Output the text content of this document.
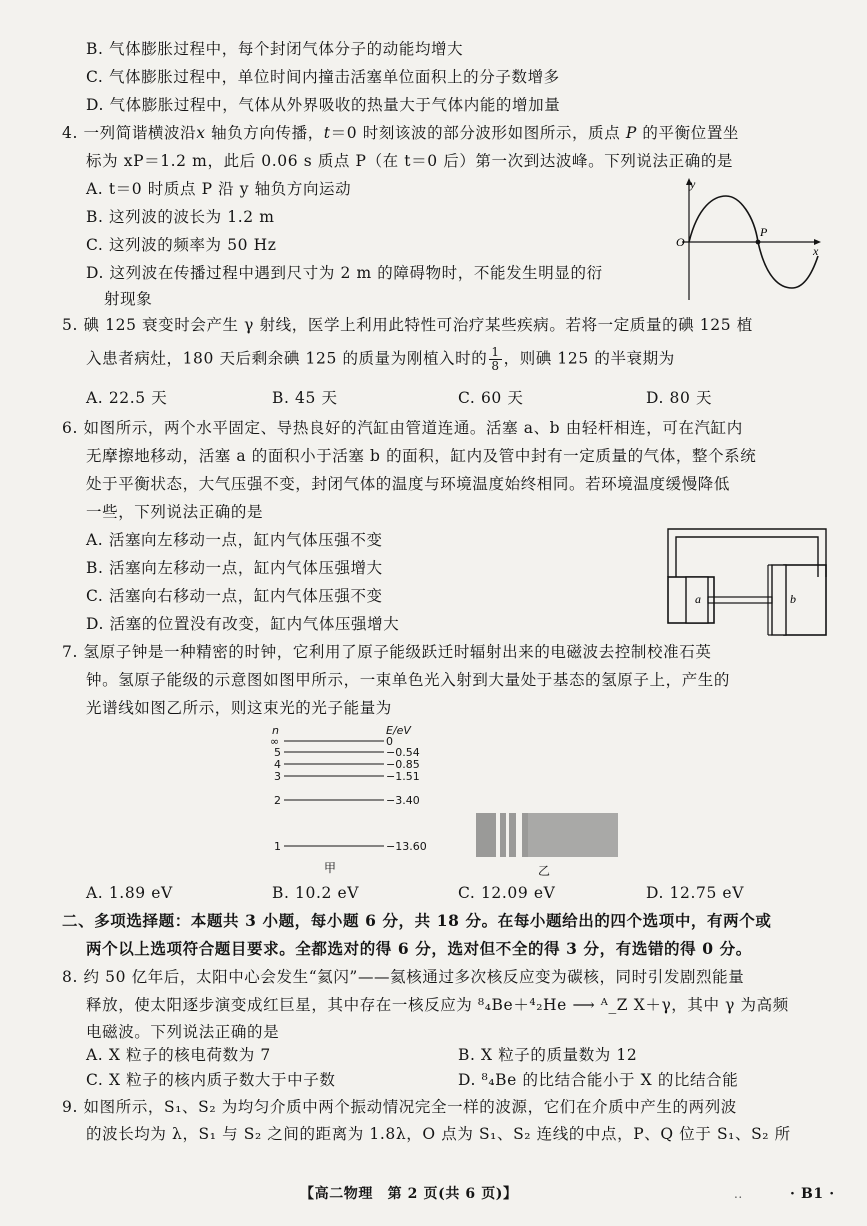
B. 气体膨胀过程中，每个封闭气体分子的动能均增大
C. 气体膨胀过程中，单位时间内撞击活塞单位面积上的分子数增多
D. 气体膨胀过程中，气体从外界吸收的热量大于气体内能的增加量
4. 一列简谐横波沿x 轴负方向传播，t＝0 时刻该波的部分波形如图所示，质点 P 的平衡位置坐
标为 xP＝1.2 m，此后 0.06 s 质点 P（在 t＝0 后）第一次到达波峰。下列说法正确的是
A. t＝0 时质点 P 沿 y 轴负方向运动
B. 这列波的波长为 1.2 m
C. 这列波的频率为 50 Hz
D. 这列波在传播过程中遇到尺寸为 2 m 的障碍物时，不能发生明显的衍
射现象
y
O
P
x
5. 碘 125 衰变时会产生 γ 射线，医学上利用此特性可治疗某些疾病。若将一定质量的碘 125 植
入患者病灶，180 天后剩余碘 125 的质量为刚植入时的 $\frac{1}{8}$ ，则碘 125 的半衰期为
A. 22.5 天	B. 45 天	C. 60 天	D. 80 天
6. 如图所示，两个水平固定、导热良好的汽缸由管道连通。活塞 a、b 由轻杆相连，可在汽缸内
无摩擦地移动，活塞 a 的面积小于活塞 b 的面积，缸内及管中封有一定质量的气体，整个系统
处于平衡状态，大气压强不变，封闭气体的温度与环境温度始终相同。若环境温度缓慢降低
一些，下列说法正确的是
A. 活塞向左移动一点，缸内气体压强不变
B. 活塞向左移动一点，缸内气体压强增大
C. 活塞向右移动一点，缸内气体压强不变
D. 活塞的位置没有改变，缸内气体压强增大
a	b
7. 氢原子钟是一种精密的时钟，它利用了原子能级跃迁时辐射出来的电磁波去控制校准石英
钟。氢原子能级的示意图如图甲所示，一束单色光入射到大量处于基态的氢原子上，产生的
光谱线如图乙所示，则这束光的光子能量为
n	E/eV
∞
5
4
3
2
1
0
−0.54
−0.85
−1.51
−3.40
−13.60
甲	乙
A. 1.89 eV	B. 10.2 eV	C. 12.09 eV	D. 12.75 eV
二、多项选择题：本题共 3 小题，每小题 6 分，共 18 分。在每小题给出的四个选项中，有两个或
两个以上选项符合题目要求。全都选对的得 6 分，选对但不全的得 3 分，有选错的得 0 分。
8. 约 50 亿年后，太阳中心会发生“氦闪”——氦核通过多次核反应变为碳核，同时引发剧烈能量
释放，使太阳逐步演变成红巨星，其中存在一核反应为 ⁸₄Be＋⁴₂He ⟶ ᴬ_Z X＋γ，其中 γ 为高频
电磁波。下列说法正确的是
A. X 粒子的核电荷数为 7	B. X 粒子的质量数为 12
C. X 粒子的核内质子数大于中子数	D. ⁸₄Be 的比结合能小于 X 的比结合能
9. 如图所示，S₁、S₂ 为均匀介质中两个振动情况完全一样的波源，它们在介质中产生的两列波
的波长均为 λ，S₁ 与 S₂ 之间的距离为 1.8λ，O 点为 S₁、S₂ 连线的中点，P、Q 位于 S₁、S₂ 所
【高二物理　第 2 页(共 6 页)】	..	· B1 ·
